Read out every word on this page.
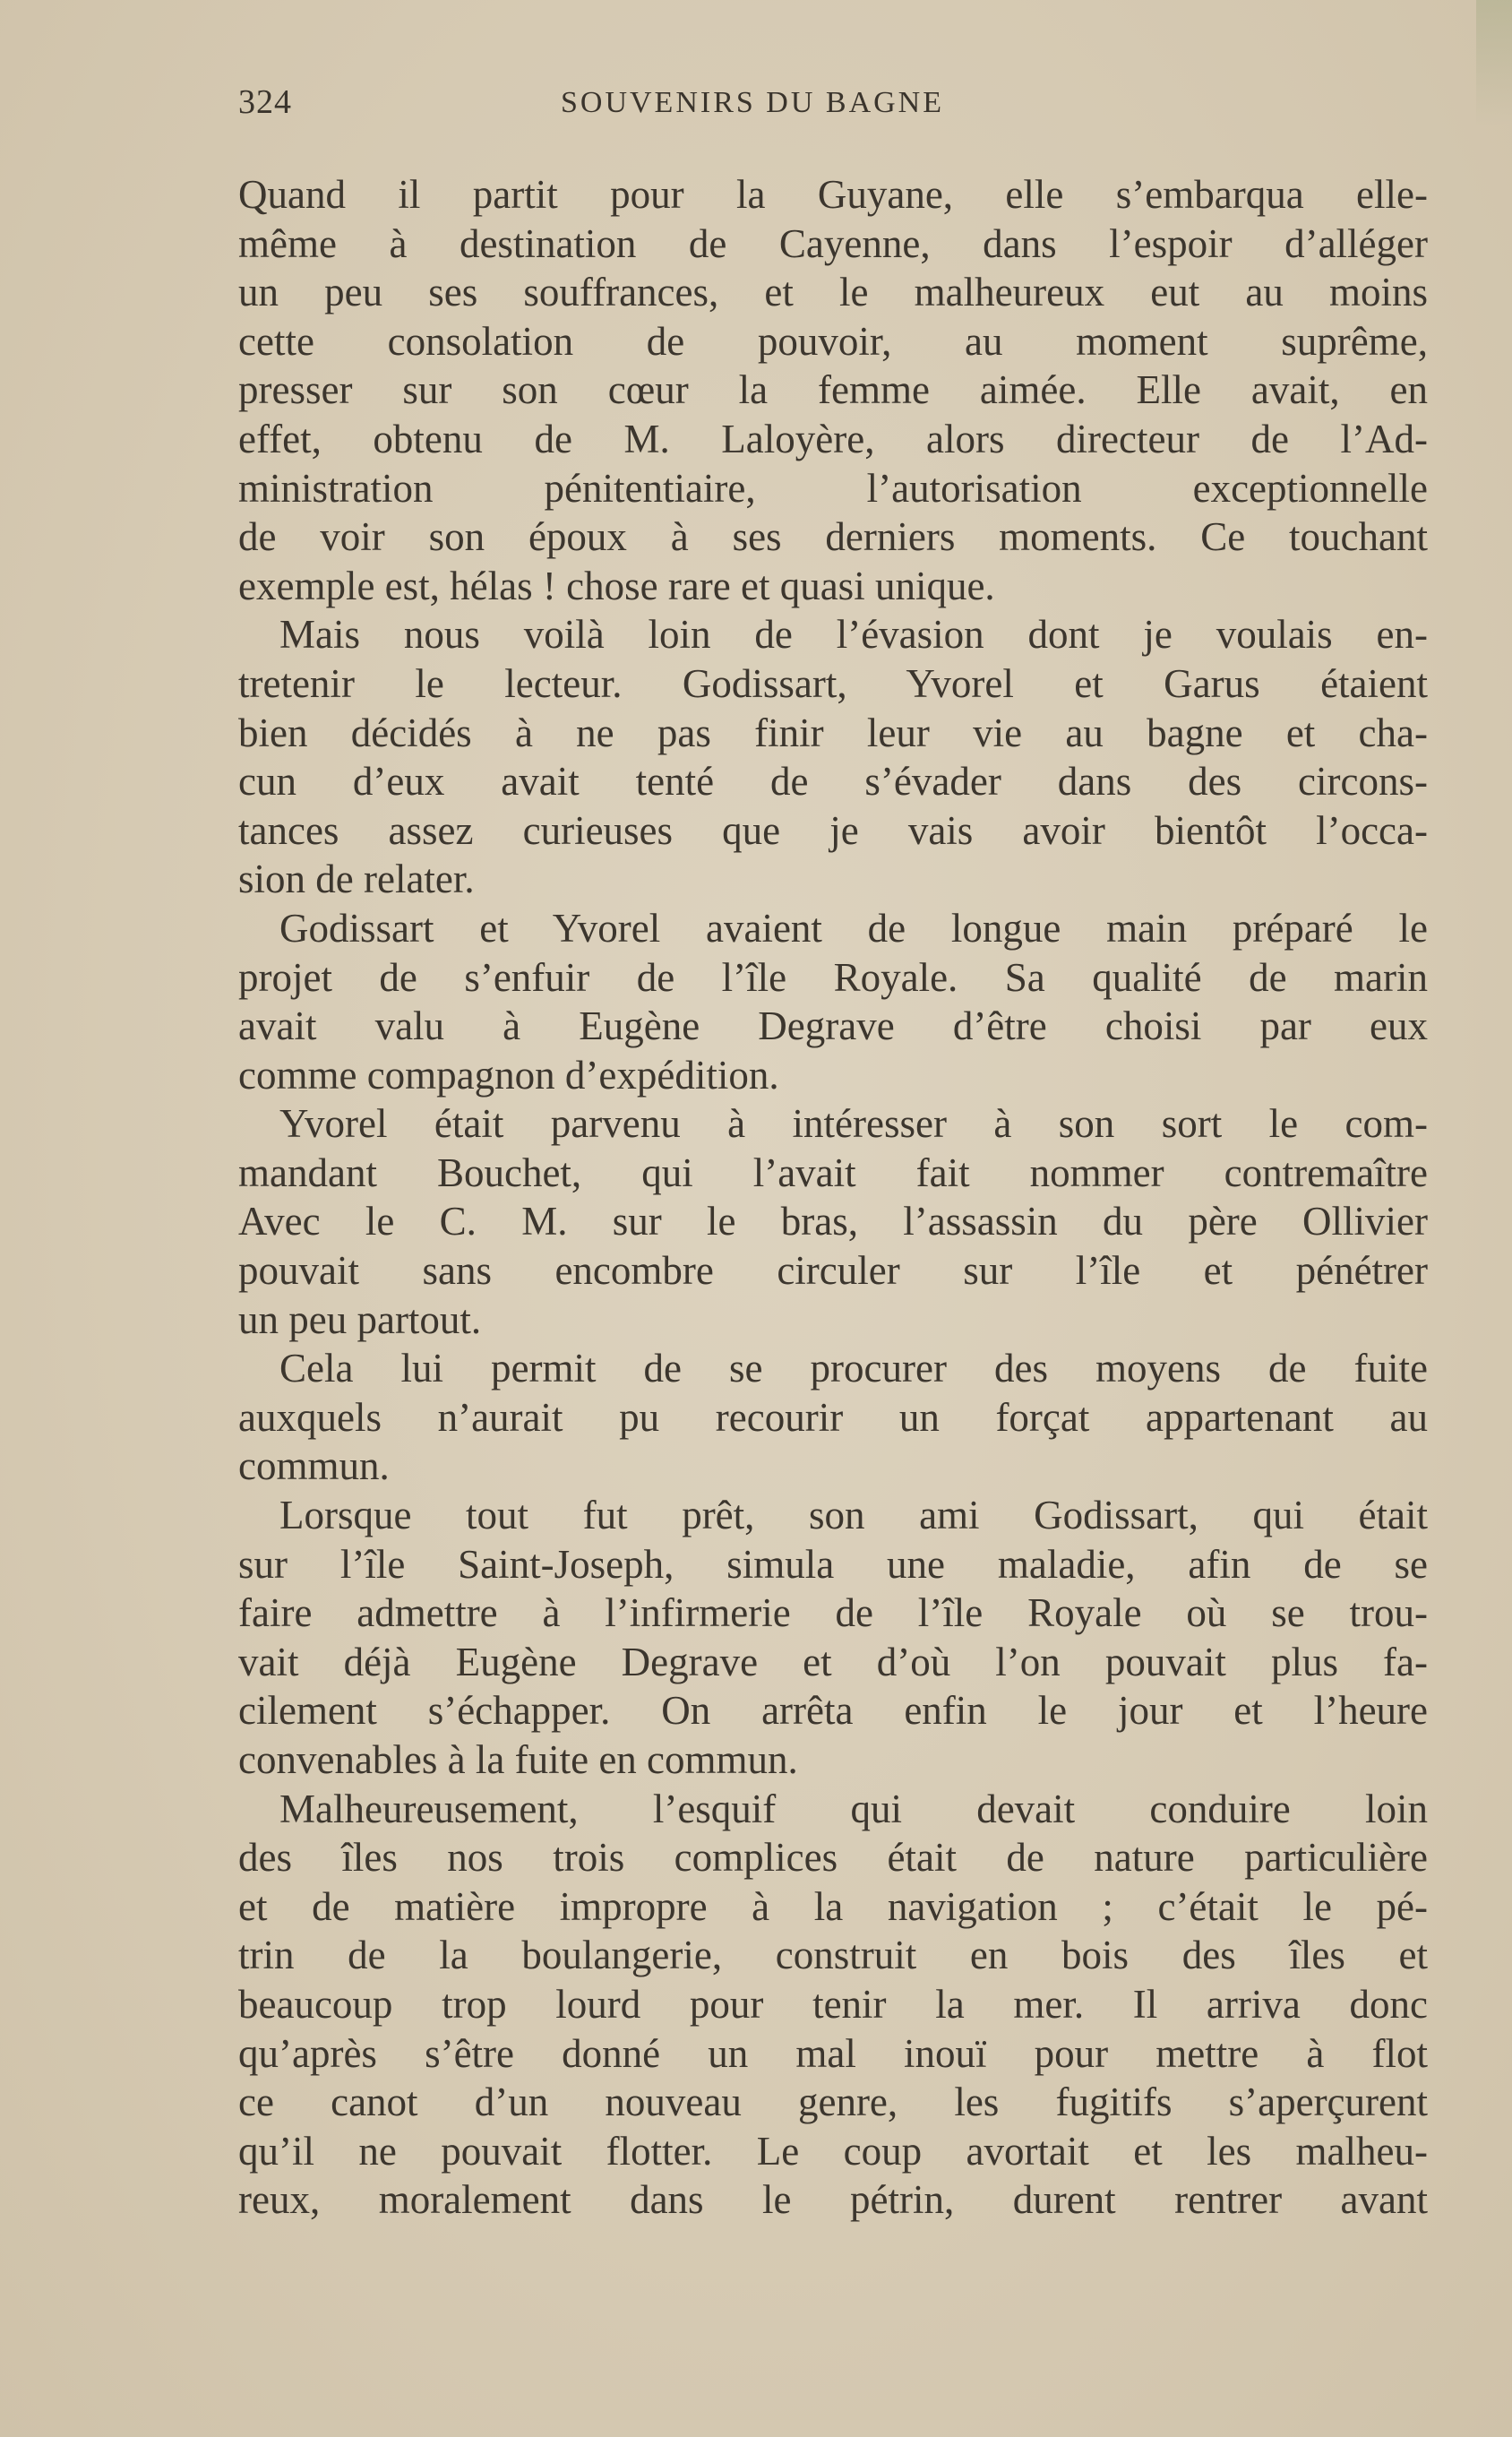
324	SOUVENIRS DU BAGNE
Quand il partit pour la Guyane, elle s’embarqua elle-
même à destination de Cayenne, dans l’espoir d’alléger
un peu ses souffrances, et le malheureux eut au moins
cette consolation de pouvoir, au moment suprême,
presser sur son cœur la femme aimée. Elle avait, en
effet, obtenu de M. Laloyère, alors directeur de l’Ad-
ministration pénitentiaire, l’autorisation exceptionnelle
de voir son époux à ses derniers moments. Ce touchant
exemple est, hélas ! chose rare et quasi unique.
Mais nous voilà loin de l’évasion dont je voulais en-
tretenir le lecteur. Godissart, Yvorel et Garus étaient
bien décidés à ne pas finir leur vie au bagne et cha-
cun d’eux avait tenté de s’évader dans des circons-
tances assez curieuses que je vais avoir bientôt l’occa-
sion de relater.
Godissart et Yvorel avaient de longue main préparé le
projet de s’enfuir de l’île Royale. Sa qualité de marin
avait valu à Eugène Degrave d’être choisi par eux
comme compagnon d’expédition.
Yvorel était parvenu à intéresser à son sort le com-
mandant Bouchet, qui l’avait fait nommer contremaître
Avec le C. M. sur le bras, l’assassin du père Ollivier
pouvait sans encombre circuler sur l’île et pénétrer
un peu partout.
Cela lui permit de se procurer des moyens de fuite
auxquels n’aurait pu recourir un forçat appartenant au
commun.
Lorsque tout fut prêt, son ami Godissart, qui était
sur l’île Saint-Joseph, simula une maladie, afin de se
faire admettre à l’infirmerie de l’île Royale où se trou-
vait déjà Eugène Degrave et d’où l’on pouvait plus fa-
cilement s’échapper. On arrêta enfin le jour et l’heure
convenables à la fuite en commun.
Malheureusement, l’esquif qui devait conduire loin
des îles nos trois complices était de nature particulière
et de matière impropre à la navigation ; c’était le pé-
trin de la boulangerie, construit en bois des îles et
beaucoup trop lourd pour tenir la mer. Il arriva donc
qu’après s’être donné un mal inouï pour mettre à flot
ce canot d’un nouveau genre, les fugitifs s’aperçurent
qu’il ne pouvait flotter. Le coup avortait et les malheu-
reux, moralement dans le pétrin, durent rentrer avant
